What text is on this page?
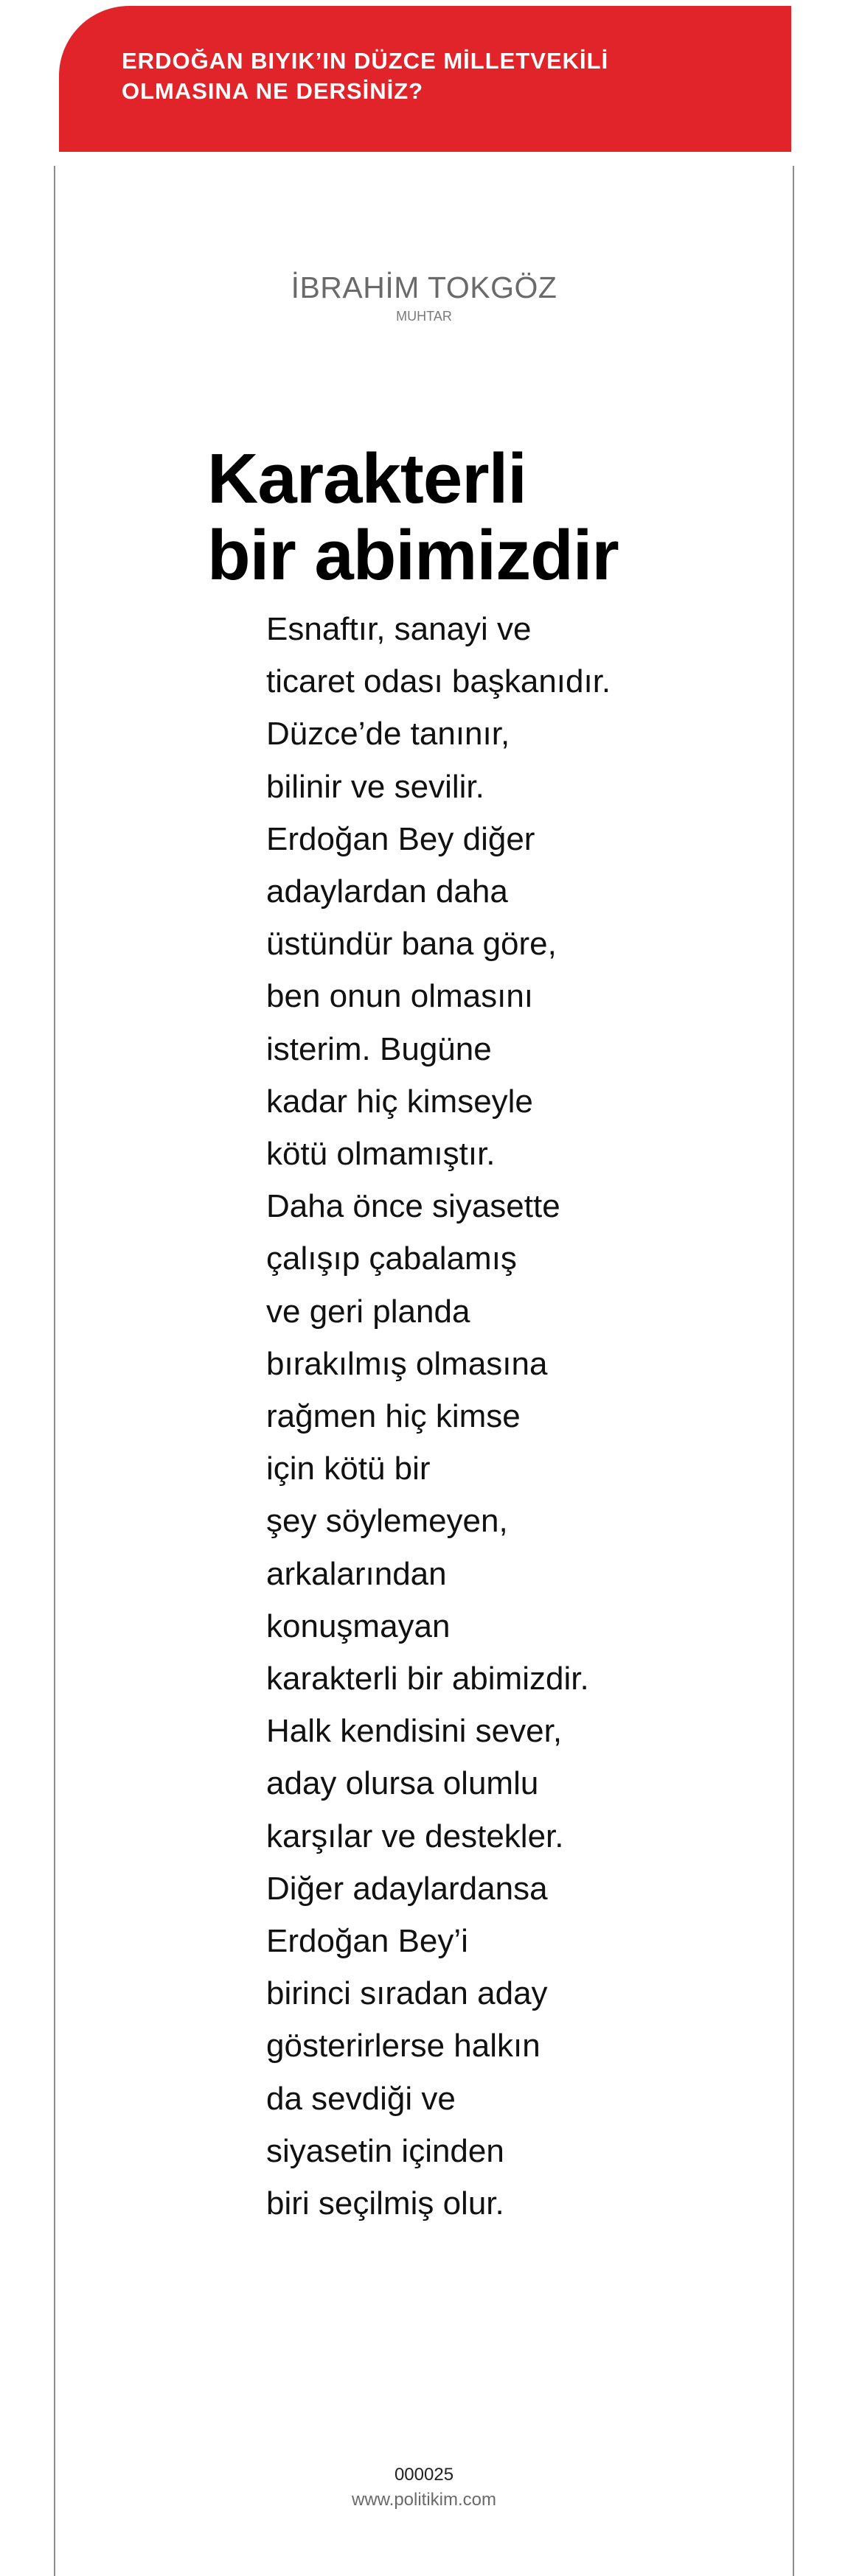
ERDOĞAN BIYIK’IN DÜZCE MİLLETVEKİLİ
OLMASINA NE DERSİNİZ?
İBRAHİM TOKGÖZ
MUHTAR
Karakterli
bir abimizdir
Esnaftır, sanayi ve
ticaret odası başkanıdır.
Düzce’de tanınır,
bilinir ve sevilir.
Erdoğan Bey diğer
adaylardan daha
üstündür bana göre,
ben onun olmasını
isterim. Bugüne
kadar hiç kimseyle
kötü olmamıştır.
Daha önce siyasette
çalışıp çabalamış
ve geri planda
bırakılmış olmasına
rağmen hiç kimse
için kötü bir
şey söylemeyen,
arkalarından
konuşmayan
karakterli bir abimizdir.
Halk kendisini sever,
aday olursa olumlu
karşılar ve destekler.
Diğer adaylardansa
Erdoğan Bey’i
birinci sıradan aday
gösterirlerse halkın
da sevdiği ve
siyasetin içinden
biri seçilmiş olur.
000025
www.politikim.com
